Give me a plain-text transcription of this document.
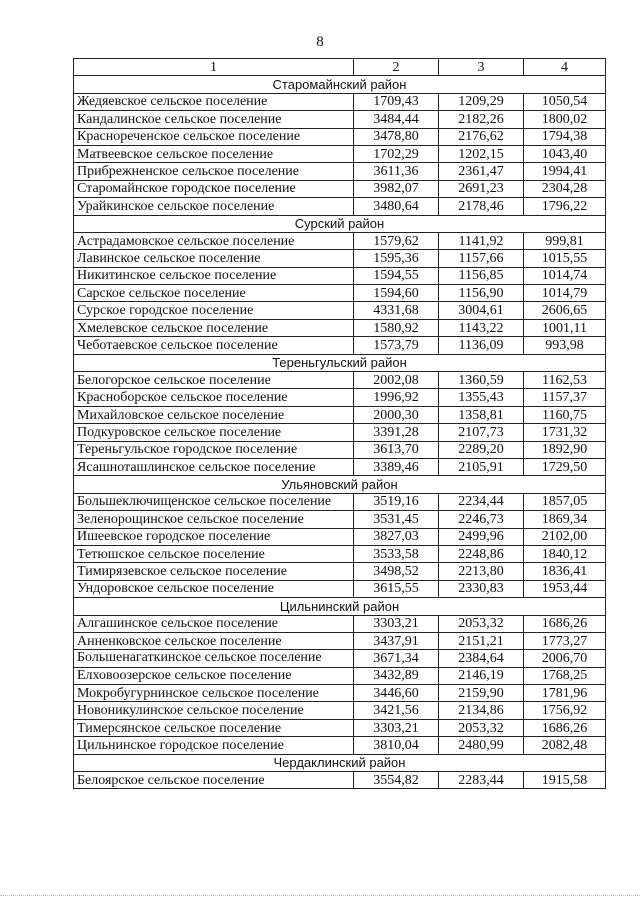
8
1	2	3	4
Старомайнский район			
Жедяевское сельское поселение	1709,43	1209,29	1050,54
Кандалинское сельское поселение	3484,44	2182,26	1800,02
Краснореченское сельское поселение	3478,80	2176,62	1794,38
Матвеевское сельское поселение	1702,29	1202,15	1043,40
Прибрежненское сельское поселение	3611,36	2361,47	1994,41
Старомайнское городское поселение	3982,07	2691,23	2304,28
Урайкинское сельское поселение	3480,64	2178,46	1796,22
Сурский район			
Астрадамовское сельское поселение	1579,62	1141,92	999,81
Лавинское сельское поселение	1595,36	1157,66	1015,55
Никитинское сельское поселение	1594,55	1156,85	1014,74
Сарское сельское поселение	1594,60	1156,90	1014,79
Сурское городское поселение	4331,68	3004,61	2606,65
Хмелевское сельское поселение	1580,92	1143,22	1001,11
Чеботаевское сельское поселение	1573,79	1136,09	993,98
Тереньгульский район			
Белогорское сельское поселение	2002,08	1360,59	1162,53
Красноборское сельское поселение	1996,92	1355,43	1157,37
Михайловское сельское поселение	2000,30	1358,81	1160,75
Подкуровское сельское поселение	3391,28	2107,73	1731,32
Тереньгульское городское поселение	3613,70	2289,20	1892,90
Ясашноташлинское сельское поселение	3389,46	2105,91	1729,50
Ульяновский район			
Большеключищенское сельское поселение	3519,16	2234,44	1857,05
Зеленорощинское сельское поселение	3531,45	2246,73	1869,34
Ишеевское городское поселение	3827,03	2499,96	2102,00
Тетюшское сельское поселение	3533,58	2248,86	1840,12
Тимирязевское сельское поселение	3498,52	2213,80	1836,41
Ундоровское сельское поселение	3615,55	2330,83	1953,44
Цильнинский район			
Алгашинское сельское поселение	3303,21	2053,32	1686,26
Анненковское сельское поселение	3437,91	2151,21	1773,27
Большенагаткинское сельское поселение	3671,34	2384,64	2006,70
Елховоозерское сельское поселение	3432,89	2146,19	1768,25
Мокробугурнинское сельское поселение	3446,60	2159,90	1781,96
Новоникулинское сельское поселение	3421,56	2134,86	1756,92
Тимерсянское сельское поселение	3303,21	2053,32	1686,26
Цильнинское городское поселение	3810,04	2480,99	2082,48
Чердаклинский район			
Белоярское сельское поселение	3554,82	2283,44	1915,58
